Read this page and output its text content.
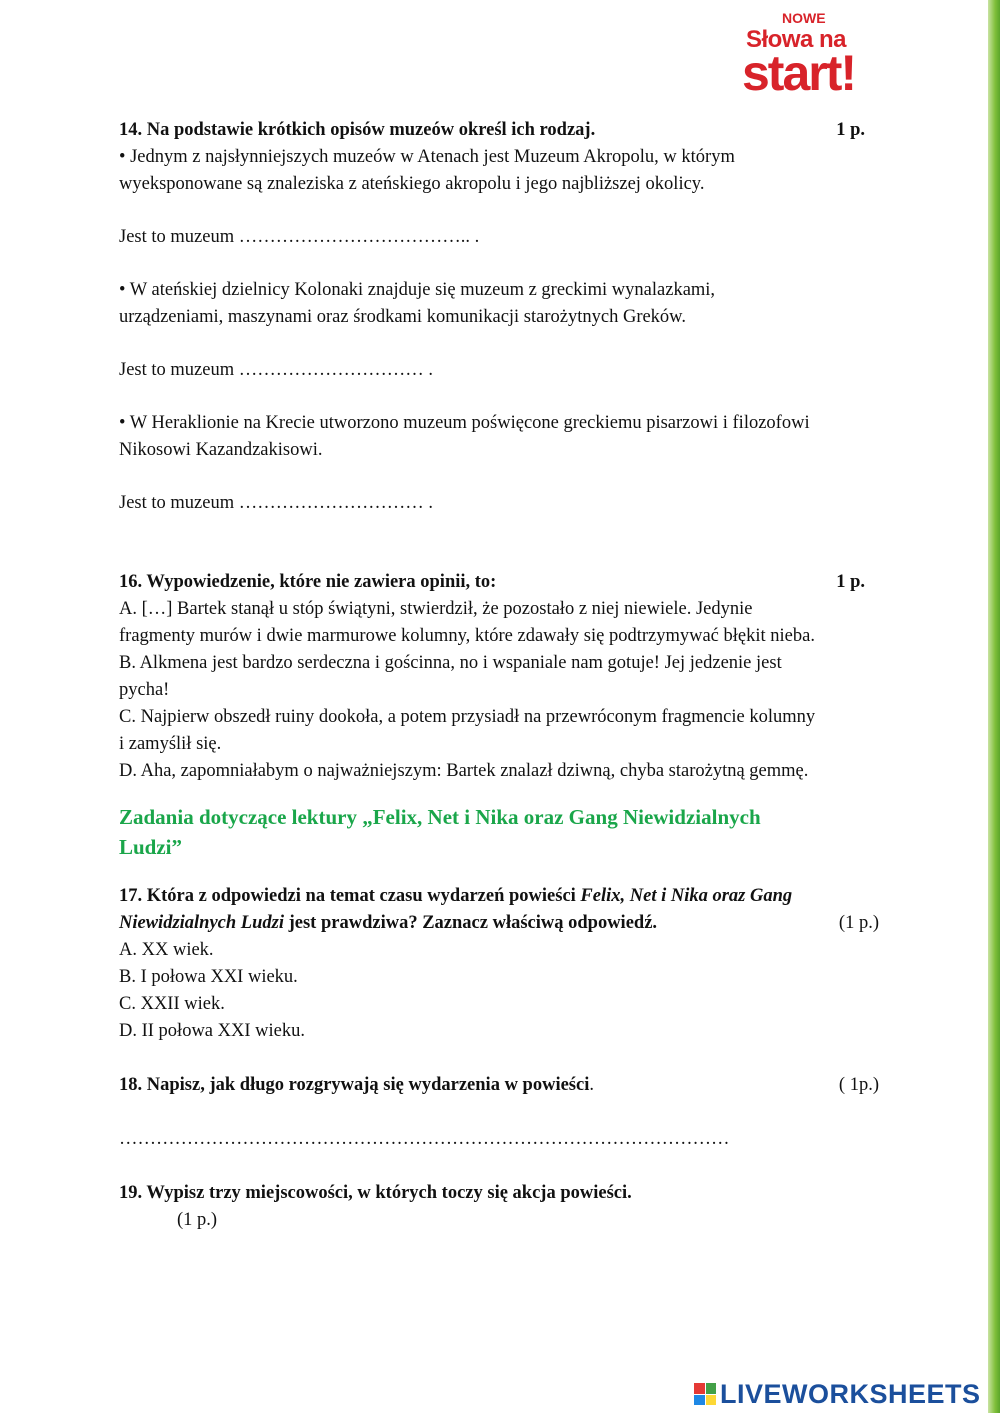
NOWE
Słowa na
start!
14. Na podstawie krótkich opisów muzeów określ ich rodzaj.	1 p.

• Jednym z najsłynniejszych muzeów w Atenach jest Muzeum Akropolu, w którym

wyeksponowane są znaleziska z ateńskiego akropolu i jego najbliższej okolicy.

Jest to muzeum ……………………………….. .

• W ateńskiej dzielnicy Kolonaki znajduje się muzeum z greckimi wynalazkami,

urządzeniami, maszynami oraz środkami komunikacji starożytnych Greków.

Jest to muzeum ………………………… .

• W Heraklionie na Krecie utworzono muzeum poświęcone greckiemu pisarzowi i filozofowi

Nikosowi Kazandzakisowi.

Jest to muzeum ………………………… .

16. Wypowiedzenie, które nie zawiera opinii, to:	1 p.

A. […] Bartek stanął u stóp świątyni, stwierdził, że pozostało z niej niewiele. Jedynie

fragmenty murów i dwie marmurowe kolumny, które zdawały się podtrzymywać błękit nieba.

B. Alkmena jest bardzo serdeczna i gościnna, no i wspaniale nam gotuje! Jej jedzenie jest

pycha!

C. Najpierw obszedł ruiny dookoła, a potem przysiadł na przewróconym fragmencie kolumny

i zamyślił się.

D. Aha, zapomniałabym o najważniejszym: Bartek znalazł dziwną, chyba starożytną gemmę.

Zadania dotyczące lektury „Felix, Net i Nika oraz Gang Niewidzialnych
Ludzi”

17. Która z odpowiedzi na temat czasu wydarzeń powieści Felix, Net i Nika oraz Gang

Niewidzialnych Ludzi jest prawdziwa? Zaznacz właściwą odpowiedź.	(1 p.)

A. XX wiek.

B. I połowa XXI wieku.

C. XXII wiek.

D. II połowa XXI wieku.

18. Napisz, jak długo rozgrywają się wydarzenia w powieści.	( 1p.)

………………………………………………………………………………………

19. Wypisz trzy miejscowości, w których toczy się akcja powieści.

(1 p.)

LIVEWORKSHEETS
